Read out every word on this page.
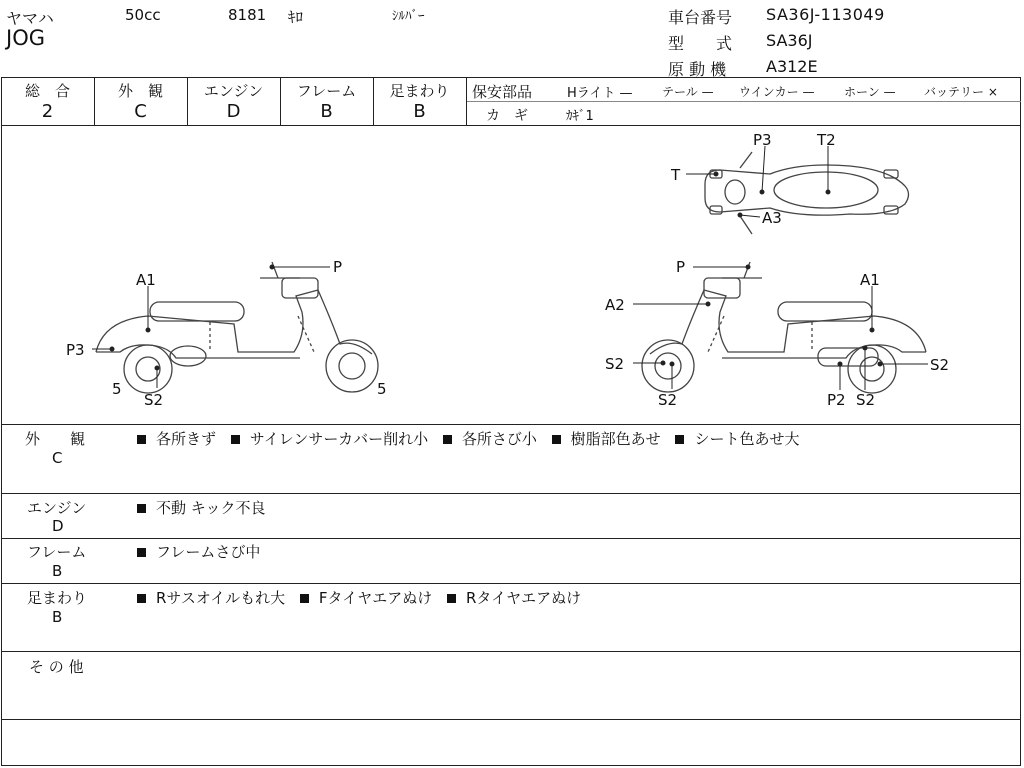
ヤマハ
JOG
50cc	8181 ｷﾛ	ｼﾙﾊﾞｰ	車台番号 SA36J-113049
型　　式 SA36J
原 動 機 A312E
総　合
2
外　観
C
エンジン
D
フレーム
B
足まわり
B
保安部品	Hライト — テール — ウインカー — ホーン — バッテリー ×
カ　ギ	ｶｷﾞ1
P3	T2
T
A3
A1
P
P3
5
S2
5
P
A1
A2
S2
S2
S2
P2 S2
外　　観
C
各所きず サイレンサーカバー削れ小 各所さび小 樹脂部色あせ シート色あせ大
エンジン
D
不動 キック不良
フレーム
B
フレームさび中
足まわり
B
Rサスオイルもれ大 Fタイヤエアぬけ Rタイヤエアぬけ
そ の 他
